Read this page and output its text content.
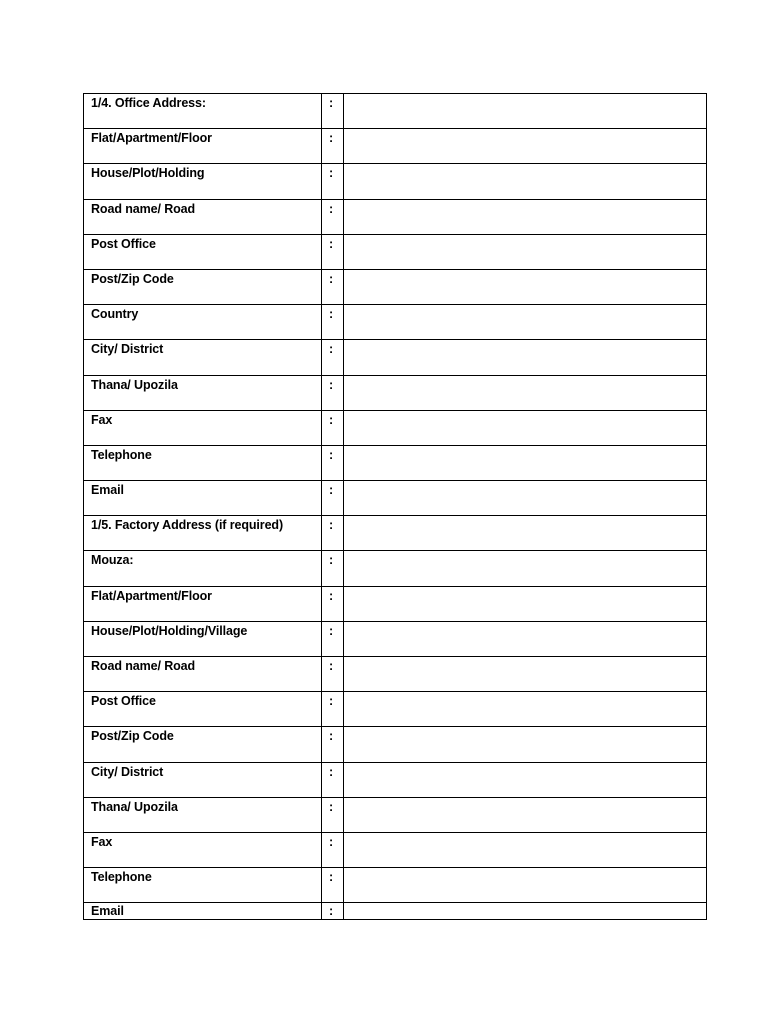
1/4. Office Address:	:	

Flat/Apartment/Floor	:	

House/Plot/Holding	:	

Road name/ Road	:	

Post Office	:	

Post/Zip Code	:	

Country	:	

City/ District	:	

Thana/ Upozila	:	

Fax	:	

Telephone	:	

Email	:	

1/5. Factory Address (if required)	:	

Mouza:	:	

Flat/Apartment/Floor	:	

House/Plot/Holding/Village	:	

Road name/ Road	:	

Post Office	:	

Post/Zip Code	:	

City/ District	:	

Thana/ Upozila	:	

Fax	:	

Telephone	:	

Email	:	
